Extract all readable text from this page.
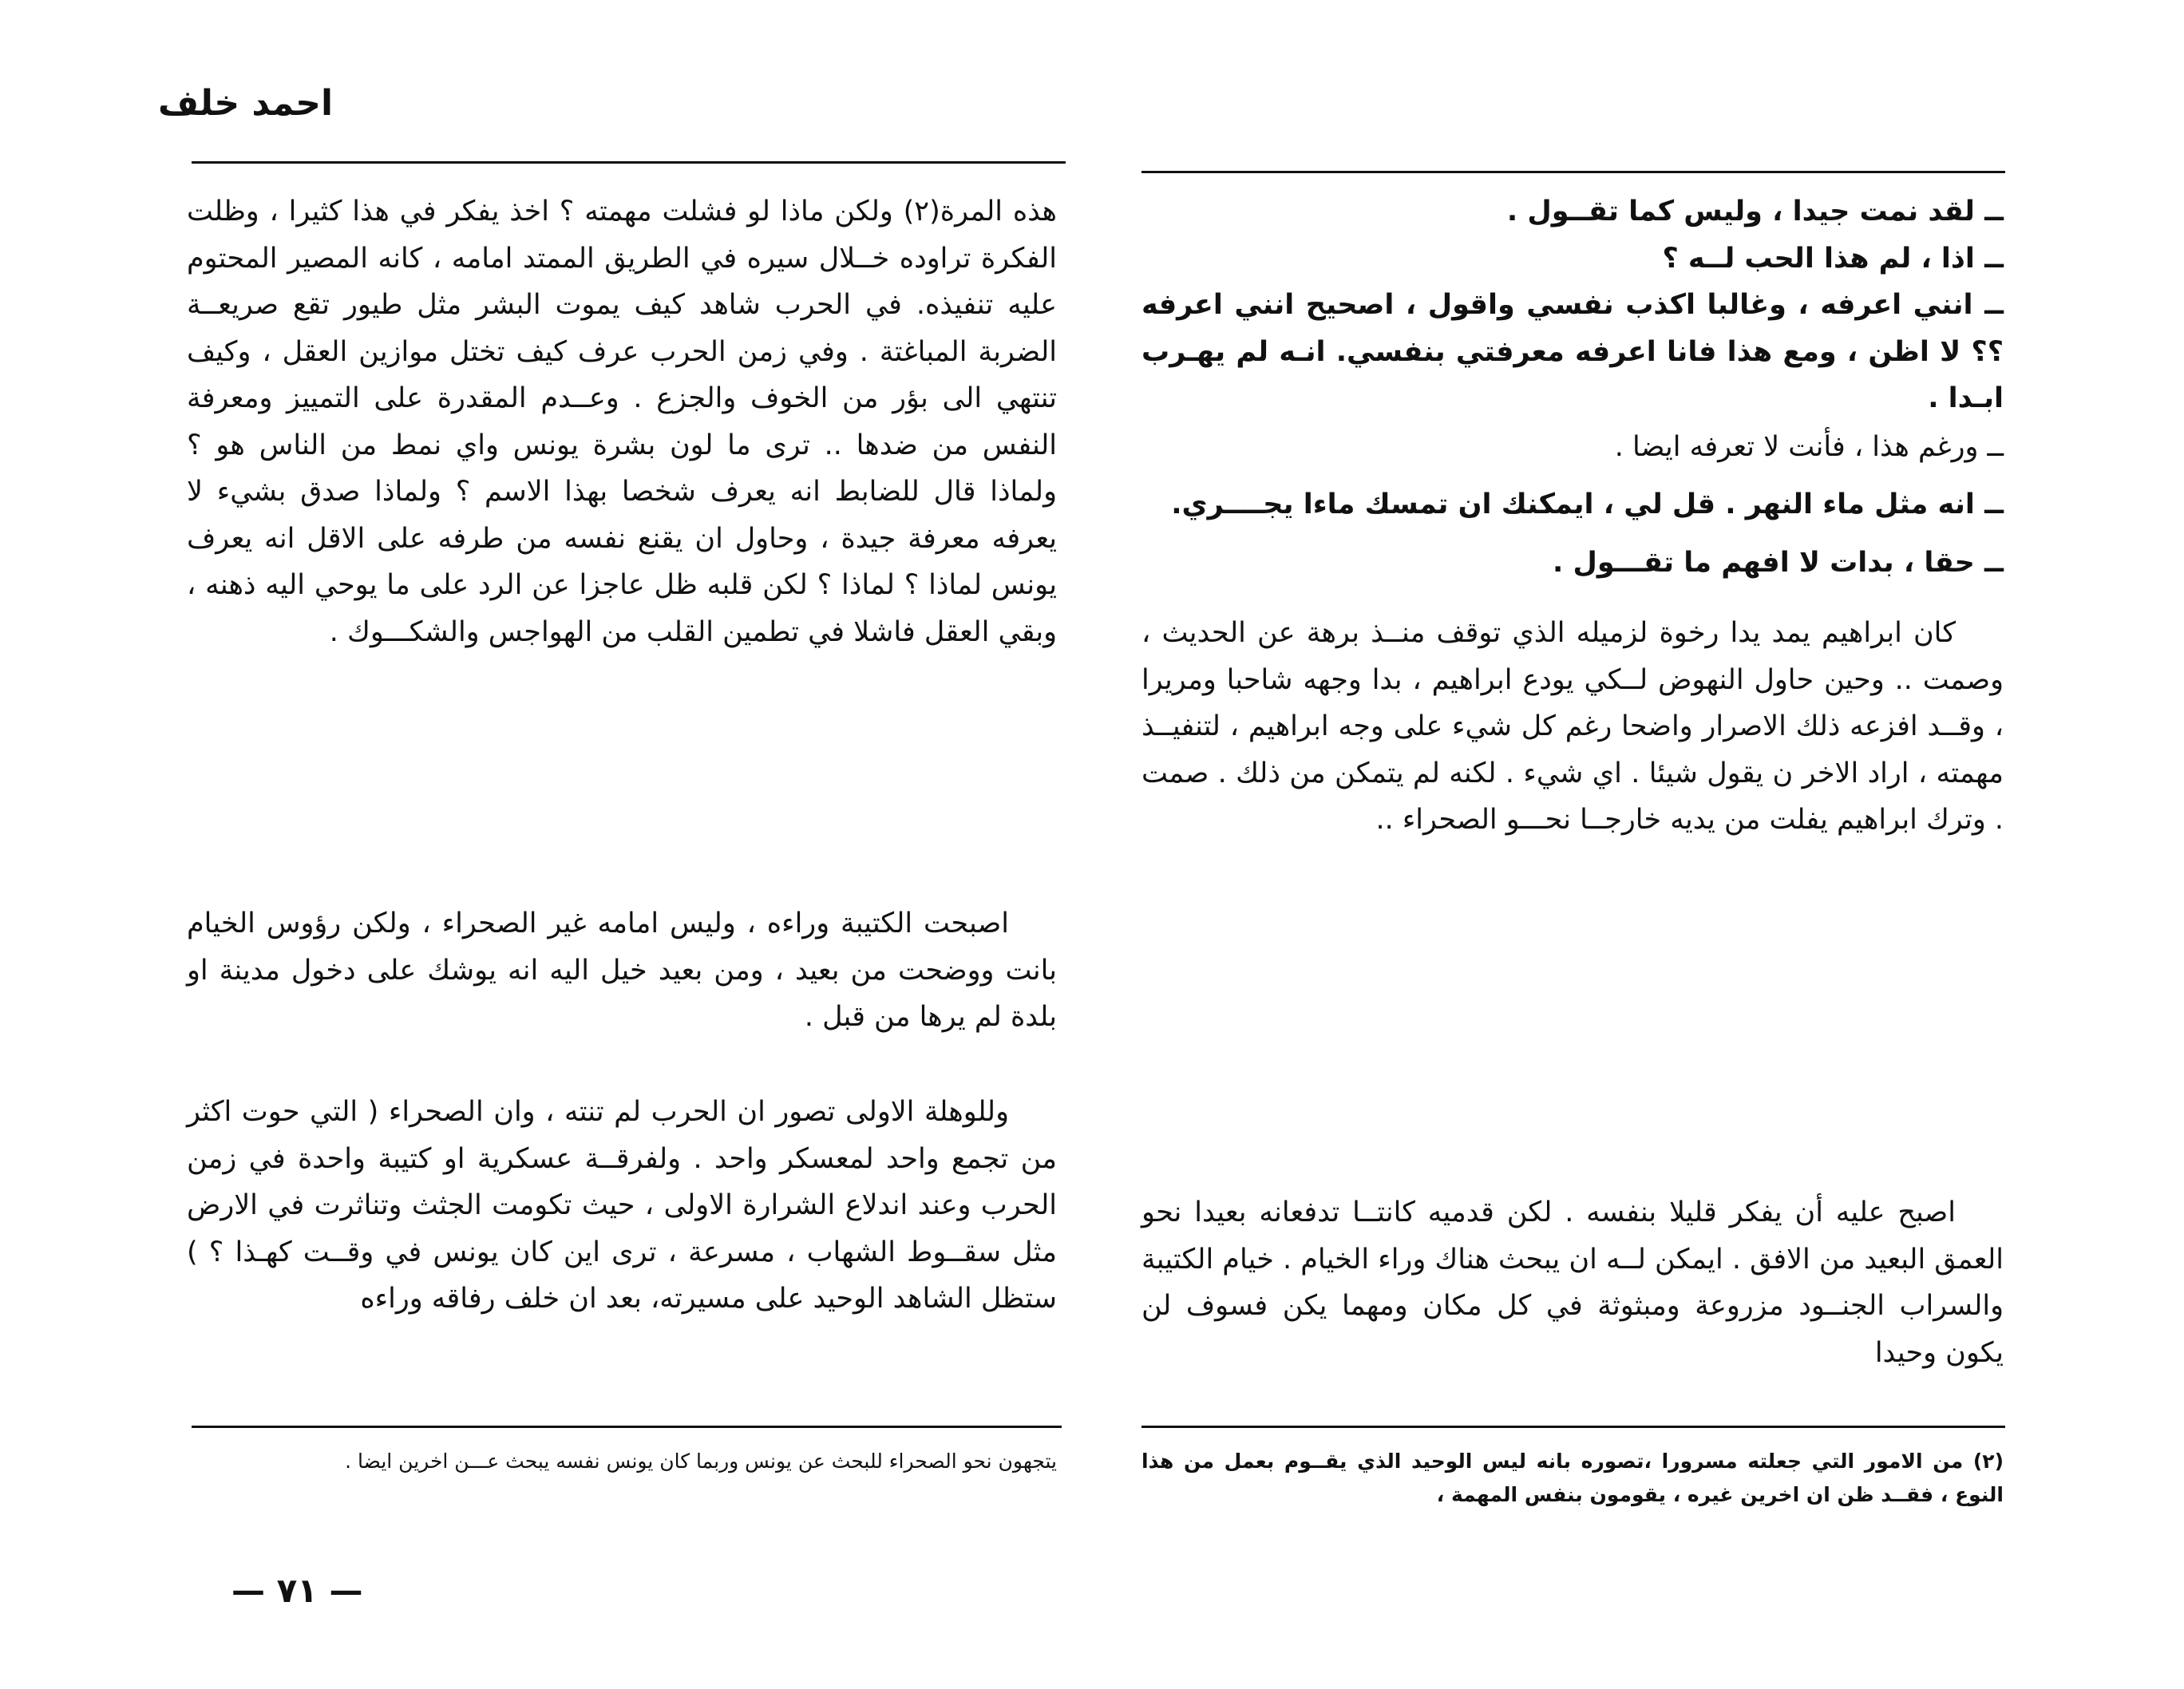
احمد خلف

ــ لقد نمت جيدا ، وليس كما تقــول .

ــ اذا ، لم هذا الحب لــه ؟

ــ انني اعرفه ، وغالبا اكذب نفسي واقول ، اصحيح انني اعرفه ؟؟ لا اظن ، ومع هذا فانا اعرفه معرفتي بنفسي. انـه لم يهـرب ابـدا .

ــ ورغم هذا ، فأنت لا تعرفه ايضا .

ــ انه مثل ماء النهر . قل لي ، ايمكنك ان تمسك ماءا يجــــري.

ــ حقا ، بدات لا افهم ما تقـــول .

كان ابراهيم يمد يدا رخوة لزميله الذي توقف منــذ برهة عن الحديث ، وصمت .. وحين حاول النهوض لــكي يودع ابراهيم ، بدا وجهه شاحبا ومريرا ، وقــد افزعه ذلك الاصرار واضحا رغم كل شيء على وجه ابراهيم ، لتنفيــذ مهمته ، اراد الاخر ن يقول شيئا . اي شيء . لكنه لم يتمكن من ذلك . صمت . وترك ابراهيم يفلت من يديه خارجــا نحـــو الصحراء ..

اصبح عليه أن يفكر قليلا بنفسه . لكن قدميه كانتــا تدفعانه بعيدا نحو العمق البعيد من الافق . ايمكن لــه ان يبحث هناك وراء الخيام . خيام الكتيبة والسراب الجنــود مزروعة ومبثوثة في كل مكان ومهما يكن فسوف لن يكون وحيدا

هذه المرة(٢) ولكن ماذا لو فشلت مهمته ؟ اخذ يفكر في هذا كثيرا ، وظلت الفكرة تراوده خــلال سيره في الطريق الممتد امامه ، كانه المصير المحتوم عليه تنفيذه. في الحرب شاهد كيف يموت البشر مثل طيور تقع صريعــة الضربة المباغتة . وفي زمن الحرب عرف كيف تختل موازين العقل ، وكيف تنتهي الى بؤر من الخوف والجزع . وعــدم المقدرة على التمييز ومعرفة النفس من ضدها .. ترى ما لون بشرة يونس واي نمط من الناس هو ؟ ولماذا قال للضابط انه يعرف شخصا بهذا الاسم ؟ ولماذا صدق بشيء لا يعرفه معرفة جيدة ، وحاول ان يقنع نفسه من طرفه على الاقل انه يعرف يونس لماذا ؟ لماذا ؟ لكن قلبه ظل عاجزا عن الرد على ما يوحي اليه ذهنه ، وبقي العقل فاشلا في تطمين القلب من الهواجس والشكـــوك .

اصبحت الكتيبة وراءه ، وليس امامه غير الصحراء ، ولكن رؤوس الخيام بانت ووضحت من بعيد ، ومن بعيد خيل اليه انه يوشك على دخول مدينة او بلدة لم يرها من قبل .

وللوهلة الاولى تصور ان الحرب لم تنته ، وان الصحراء ( التي حوت اكثر من تجمع واحد لمعسكر واحد . ولفرقــة عسكرية او كتيبة واحدة في زمن الحرب وعند اندلاع الشرارة الاولى ، حيث تكومت الجثث وتناثرت في الارض مثل سقــوط الشهاب ، مسرعة ، ترى اين كان يونس في وقــت كهـذا ؟ ) ستظل الشاهد الوحيد على مسيرته، بعد ان خلف رفاقه وراءه

(٢) من الامور التي جعلته مسرورا ،تصوره بانه ليس الوحيد الذي يقــوم بعمل من هذا النوع ، فقــد ظن ان اخرين غيره ، يقومون بنفس المهمة ،
يتجهون نحو الصحراء للبحث عن يونس وربما كان يونس نفسه يبحث عـــن اخرين ايضا .
— ٧١ —
